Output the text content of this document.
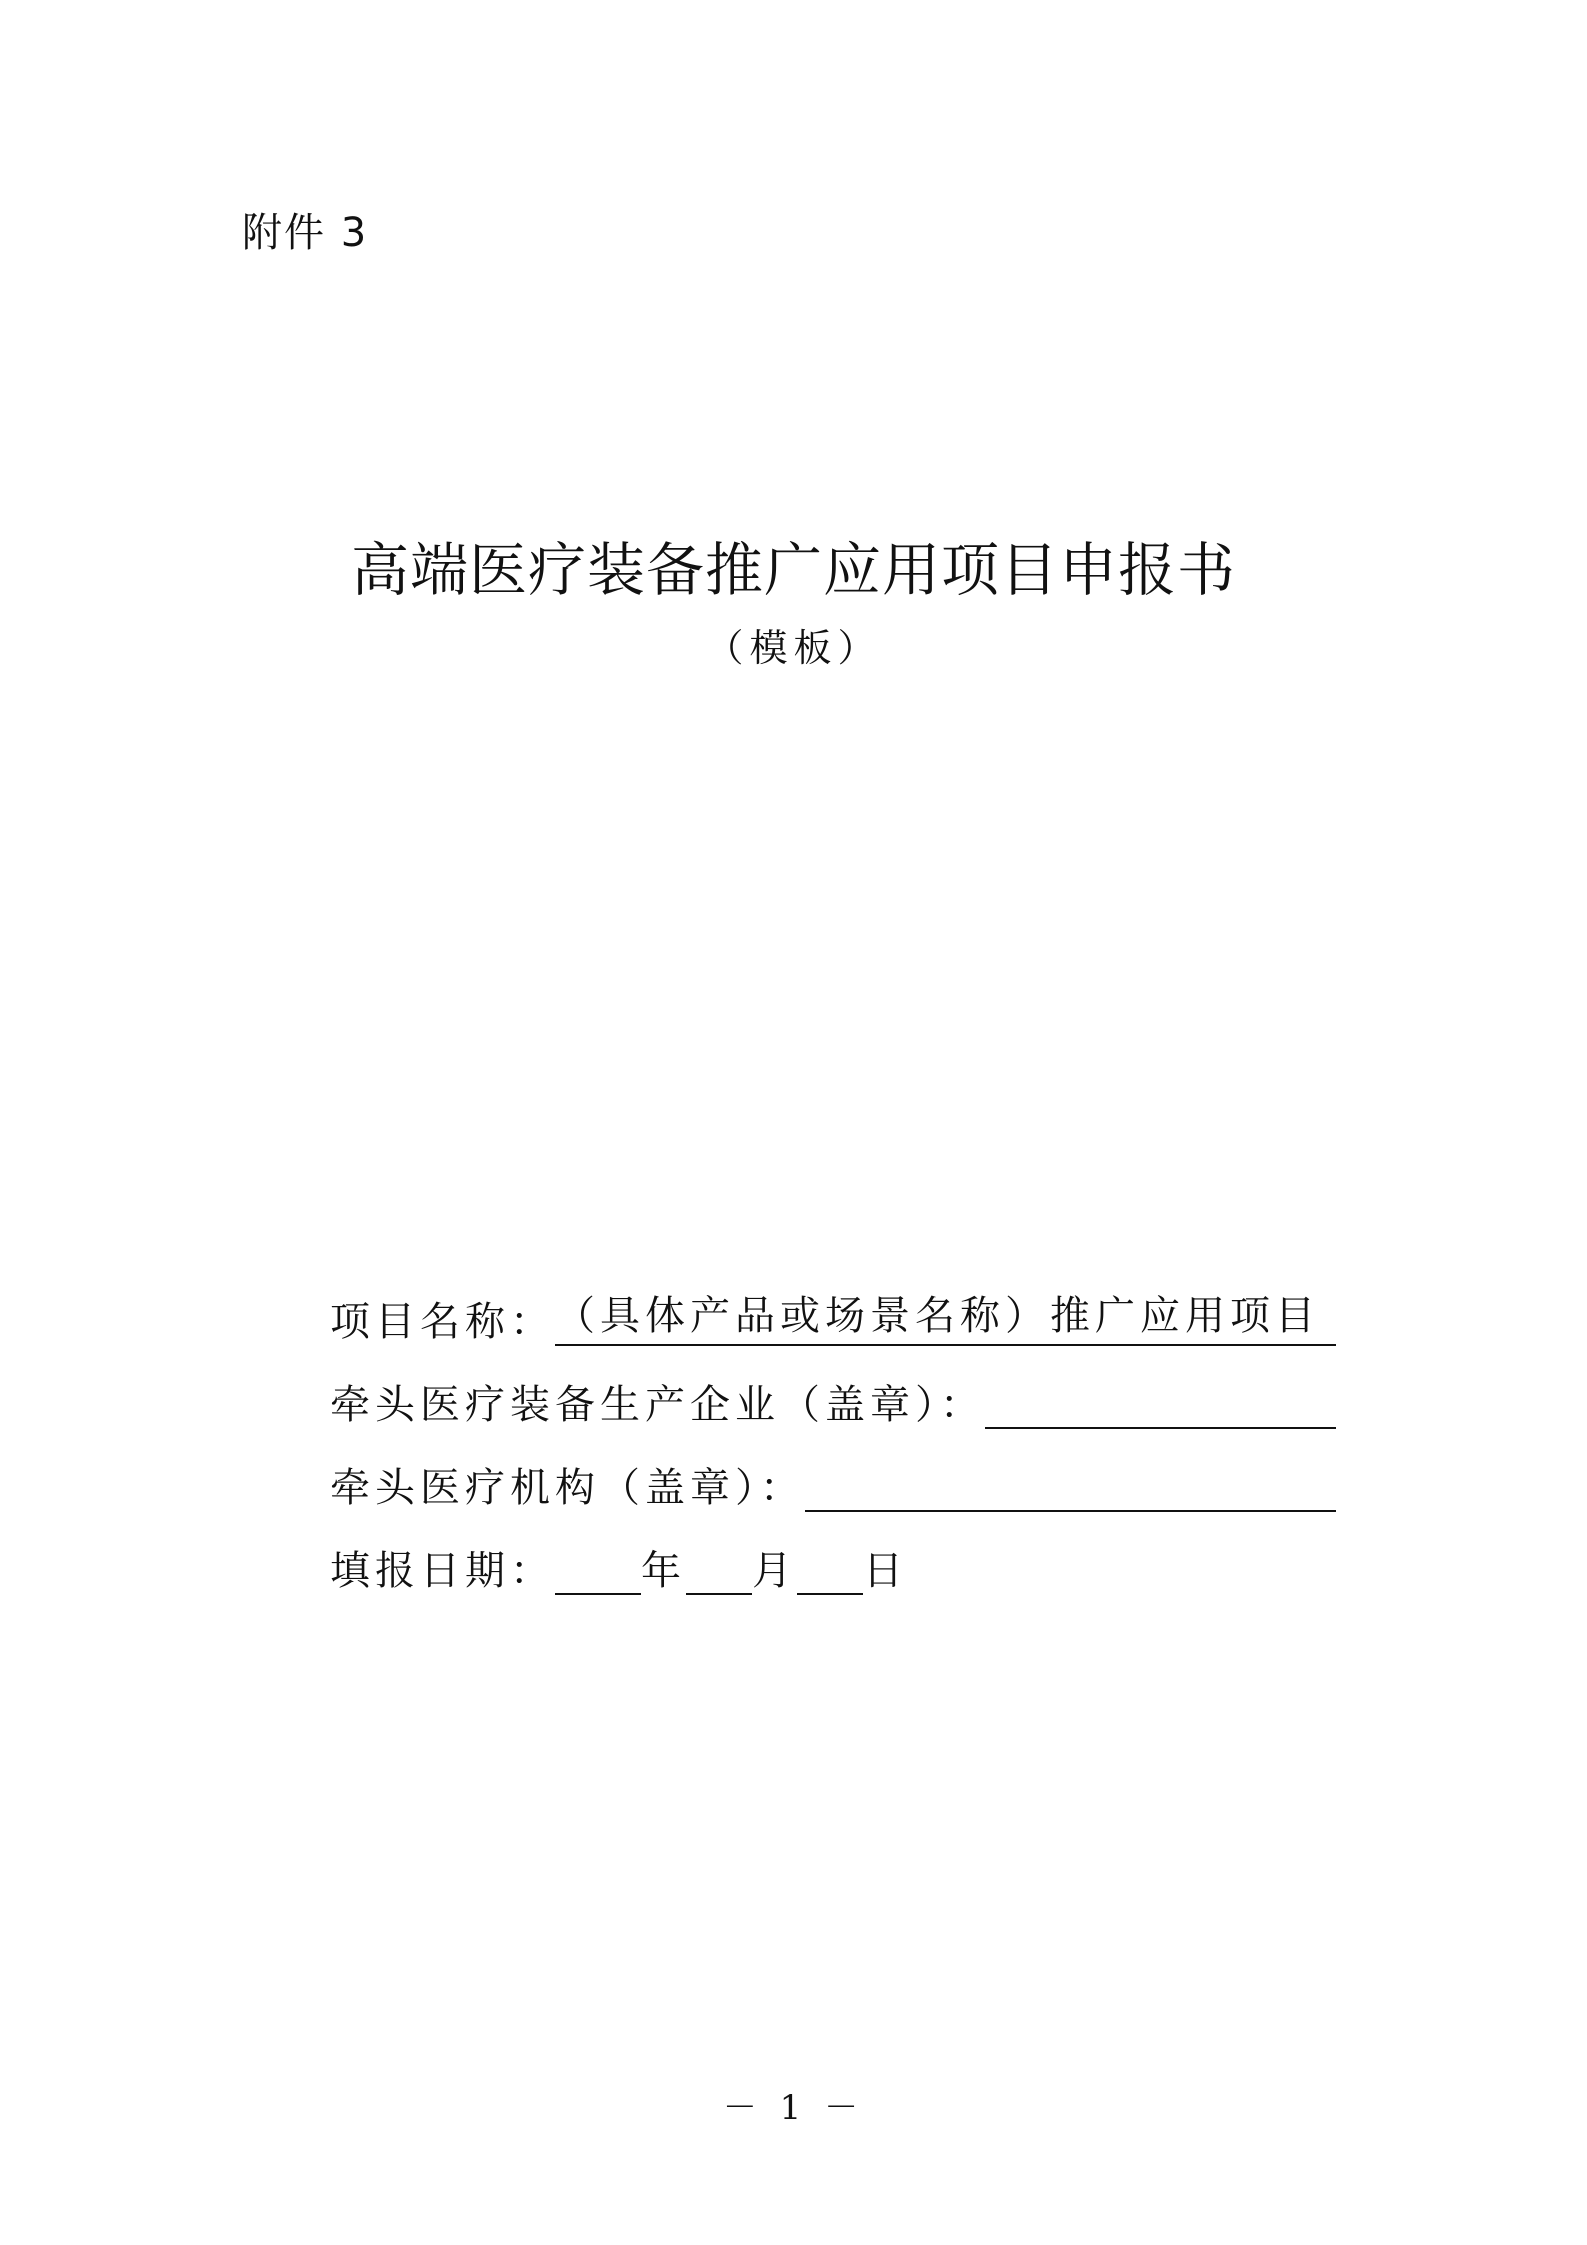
附件 3
高端医疗装备推广应用项目申报书
（模板）
项目名称： （具体产品或场景名称）推广应用项目
牵头医疗装备生产企业（盖章）：
牵头医疗机构（盖章）：
填报日期： 年 月 日
－ 1 －
